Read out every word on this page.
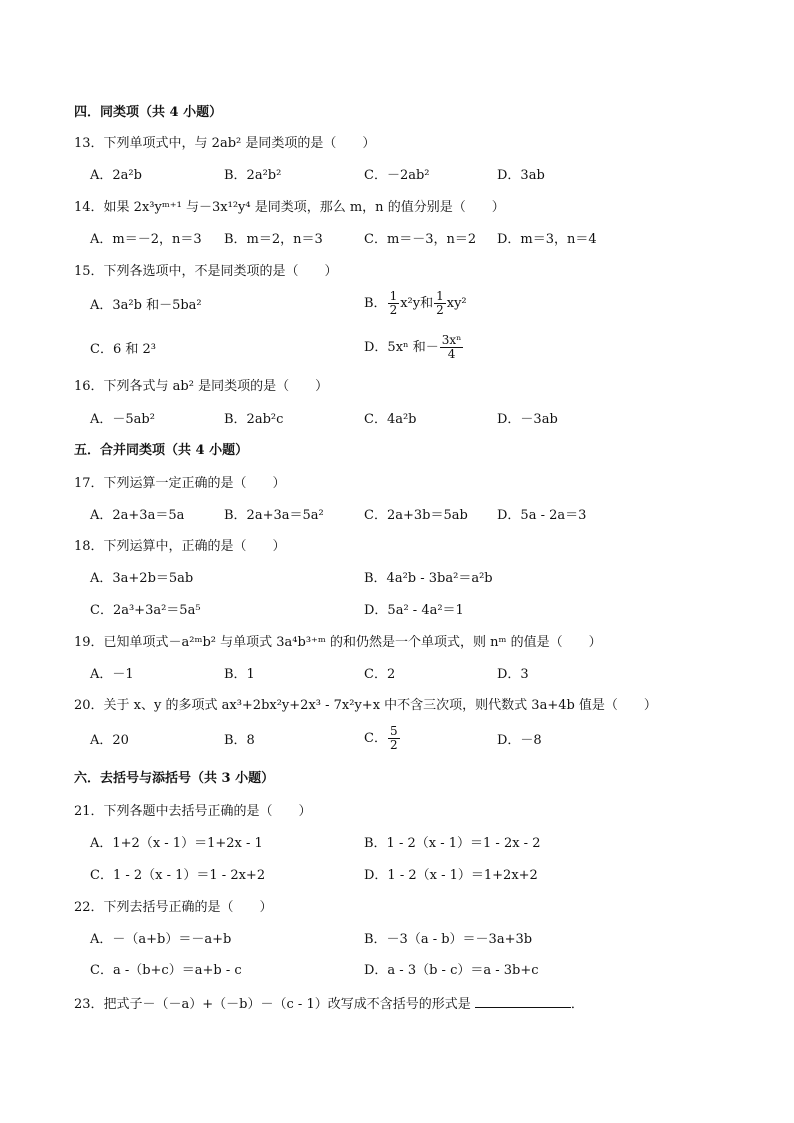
四．同类项（共 4 小题）
13．下列单项式中，与 2ab² 是同类项的是（　　）
A．2a²b	B．2a²b²	C．－2ab²	D．3ab
14．如果 2x³yᵐ⁺¹ 与－3x¹²y⁴ 是同类项，那么 m，n 的值分别是（　　）
A．m＝－2，n＝3 B．m＝2，n＝3	C．m＝－3，n＝2 D．m＝3，n＝4
15．下列各选项中，不是同类项的是（　　）
A．3a²b 和－5ba²	B． $\frac{1}{2} x^2y$和 $\frac{1}{2} xy^2$
C．6 和 2³	D．5xⁿ 和－ $\frac{\text{3xⁿ}}{4}$
16．下列各式与 ab² 是同类项的是（　　）
A．－5ab²	B．2ab²c	C．4a²b	D．－3ab
五．合并同类项（共 4 小题）
17．下列运算一定正确的是（　　）
A．2a+3a＝5a	B．2a+3a＝5a²	C．2a+3b＝5ab D．5a - 2a＝3
18．下列运算中，正确的是（　　）
A．3a+2b＝5ab	B．4a²b - 3ba²＝a²b
C．2a³+3a²＝5a⁵	D．5a² - 4a²＝1
19．已知单项式－a²ᵐb² 与单项式 3a⁴b³⁺ᵐ 的和仍然是一个单项式，则 nᵐ 的值是（　　）
A．－1	B．1	C．2	D．3
20．关于 x、y 的多项式 ax³+2bx²y+2x³ - 7x²y+x 中不含三次项，则代数式 3a+4b 值是（　　）
A．20	B．8	C． $\frac{5}{2}$	D．－8
六．去括号与添括号（共 3 小题）
21．下列各题中去括号正确的是（　　）
A．1+2（x - 1）＝1+2x - 1	B．1 - 2（x - 1）＝1 - 2x - 2
C．1 - 2（x - 1）＝1 - 2x+2	D．1 - 2（x - 1）＝1+2x+2
22．下列去括号正确的是（　　）
A．－（a+b）＝－a+b	B．－3（a - b）＝－3a+3b
C．a -（b+c）＝a+b - c	D．a - 3（b - c）＝a - 3b+c
23．把式子－（－a）+（－b）－（c - 1）改写成不含括号的形式是	．
